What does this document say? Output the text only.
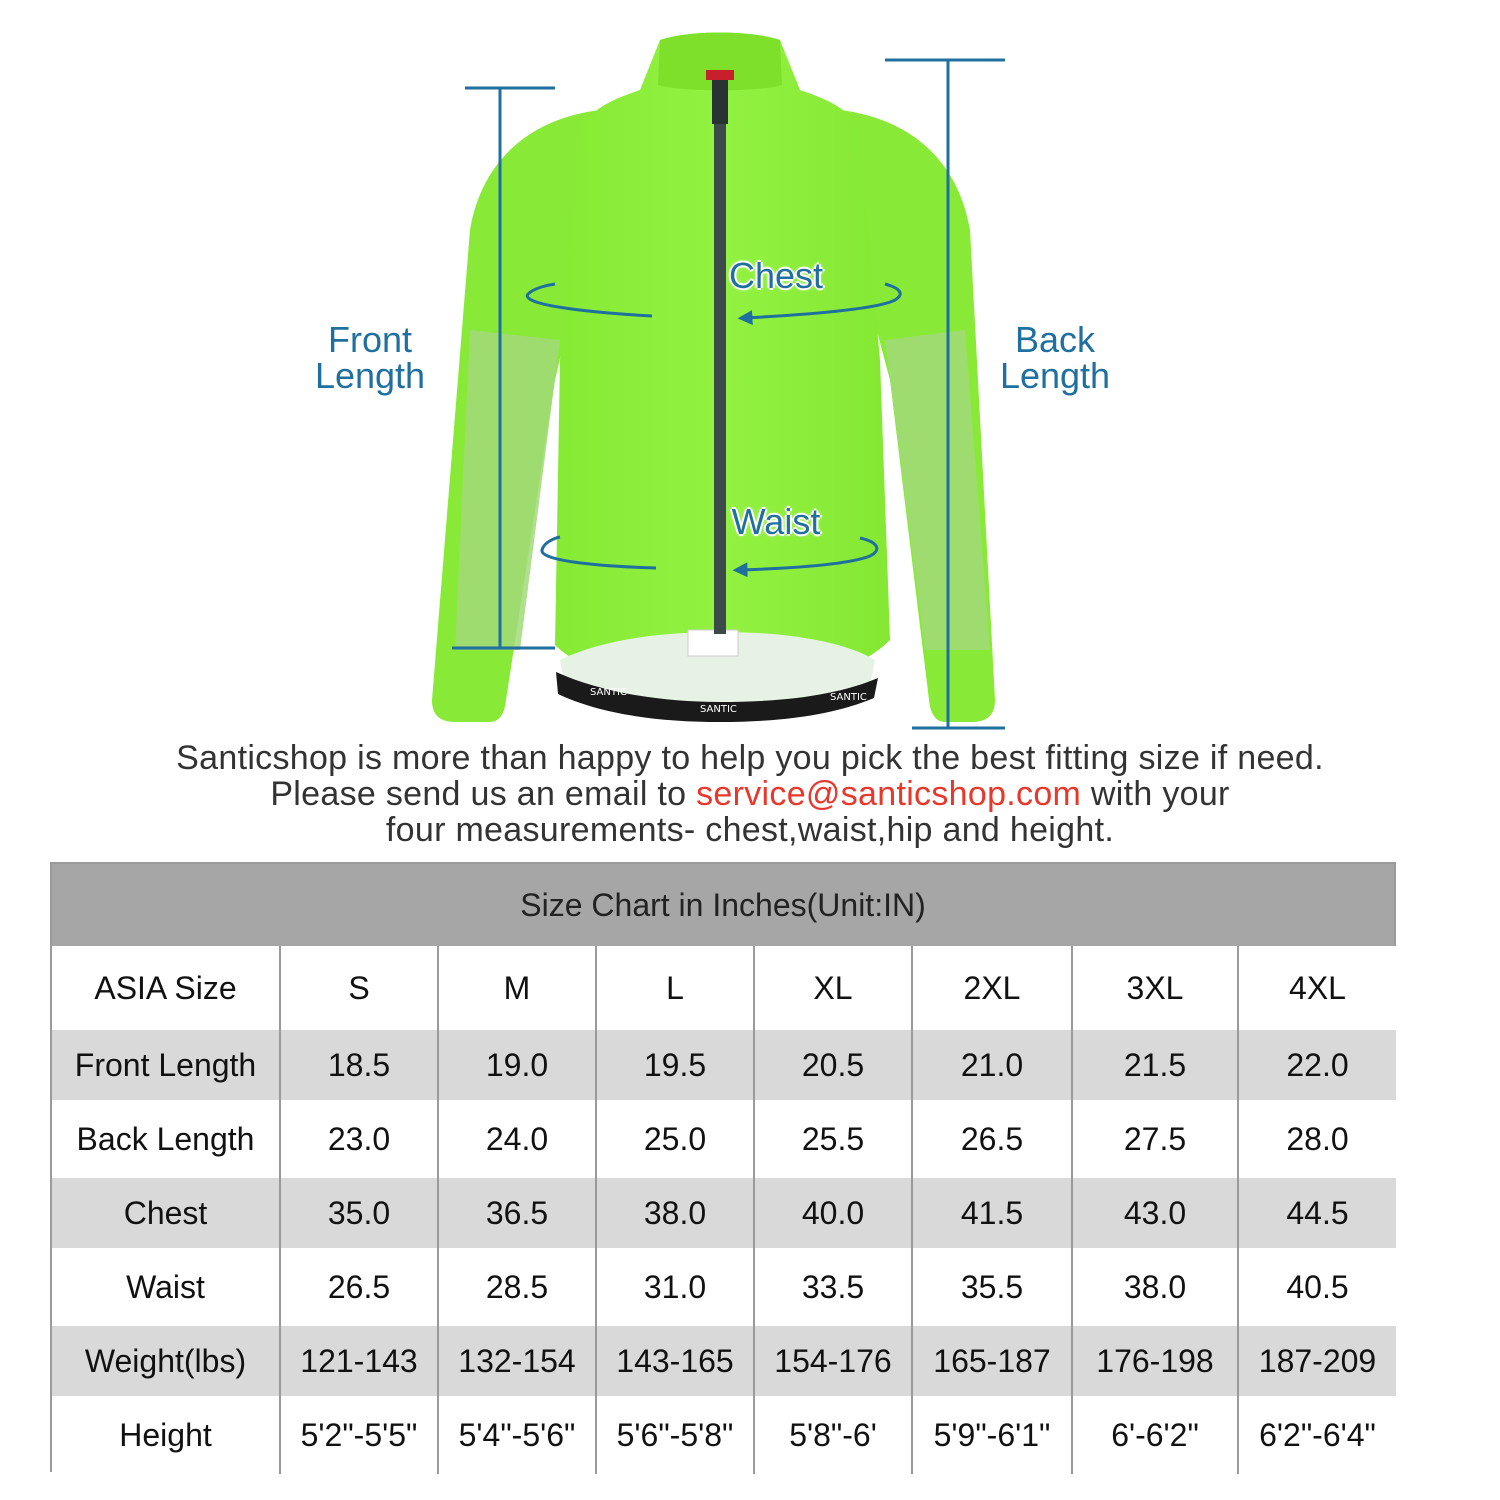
SANTIC
SANTIC
SANTIC
Front
Length
Back
Length
Chest
Waist
Santicshop is more than happy to help you pick the best fitting size if need.
Please send us an email to service@santicshop.com with your
four measurements- chest,waist,hip and height.
Size Chart in Inches(Unit:IN)
ASIA Size	S	M	L	XL	2XL	3XL	4XL
Front Length	18.5	19.0	19.5	20.5	21.0	21.5	22.0
Back Length	23.0	24.0	25.0	25.5	26.5	27.5	28.0
Chest	35.0	36.5	38.0	40.0	41.5	43.0	44.5
Waist	26.5	28.5	31.0	33.5	35.5	38.0	40.5
Weight(lbs)	121-143	132-154	143-165	154-176	165-187	176-198	187-209
Height	5'2"-5'5"	5'4"-5'6"	5'6"-5'8"	5'8"-6'	5'9"-6'1"	6'-6'2"	6'2"-6'4"
